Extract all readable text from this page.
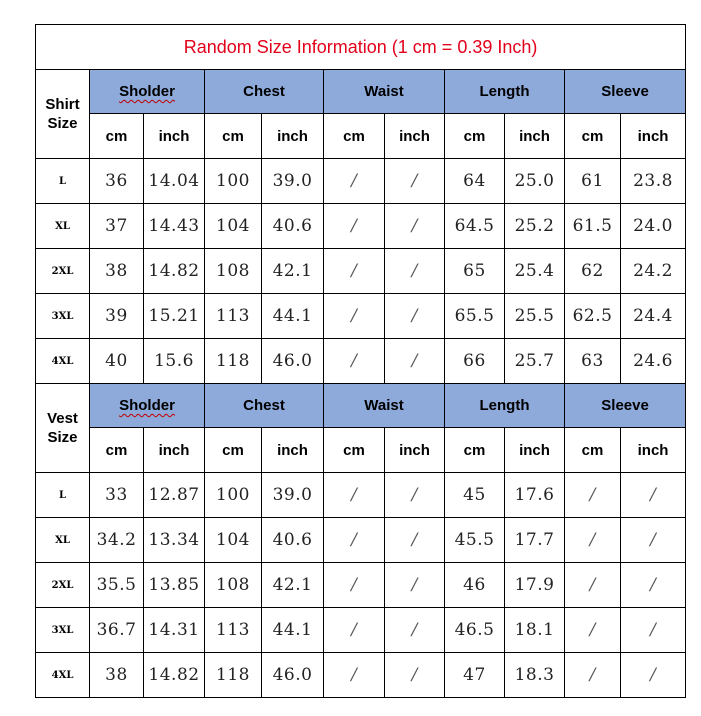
Random Size Information (1 cm = 0.39 Inch)										
Shirt Size	Sholder		Chest		Waist		Length		Sleeve	
	cm	inch	cm	inch	cm	inch	cm	inch	cm	inch
L	36	14.04	100	39.0	/	/	64	25.0	61	23.8
XL	37	14.43	104	40.6	/	/	64.5	25.2	61.5	24.0
2XL	38	14.82	108	42.1	/	/	65	25.4	62	24.2
3XL	39	15.21	113	44.1	/	/	65.5	25.5	62.5	24.4
4XL	40	15.6	118	46.0	/	/	66	25.7	63	24.6
Vest Size	Sholder		Chest		Waist		Length		Sleeve	
	cm	inch	cm	inch	cm	inch	cm	inch	cm	inch
L	33	12.87	100	39.0	/	/	45	17.6	/	/
XL	34.2	13.34	104	40.6	/	/	45.5	17.7	/	/
2XL	35.5	13.85	108	42.1	/	/	46	17.9	/	/
3XL	36.7	14.31	113	44.1	/	/	46.5	18.1	/	/
4XL	38	14.82	118	46.0	/	/	47	18.3	/	/
